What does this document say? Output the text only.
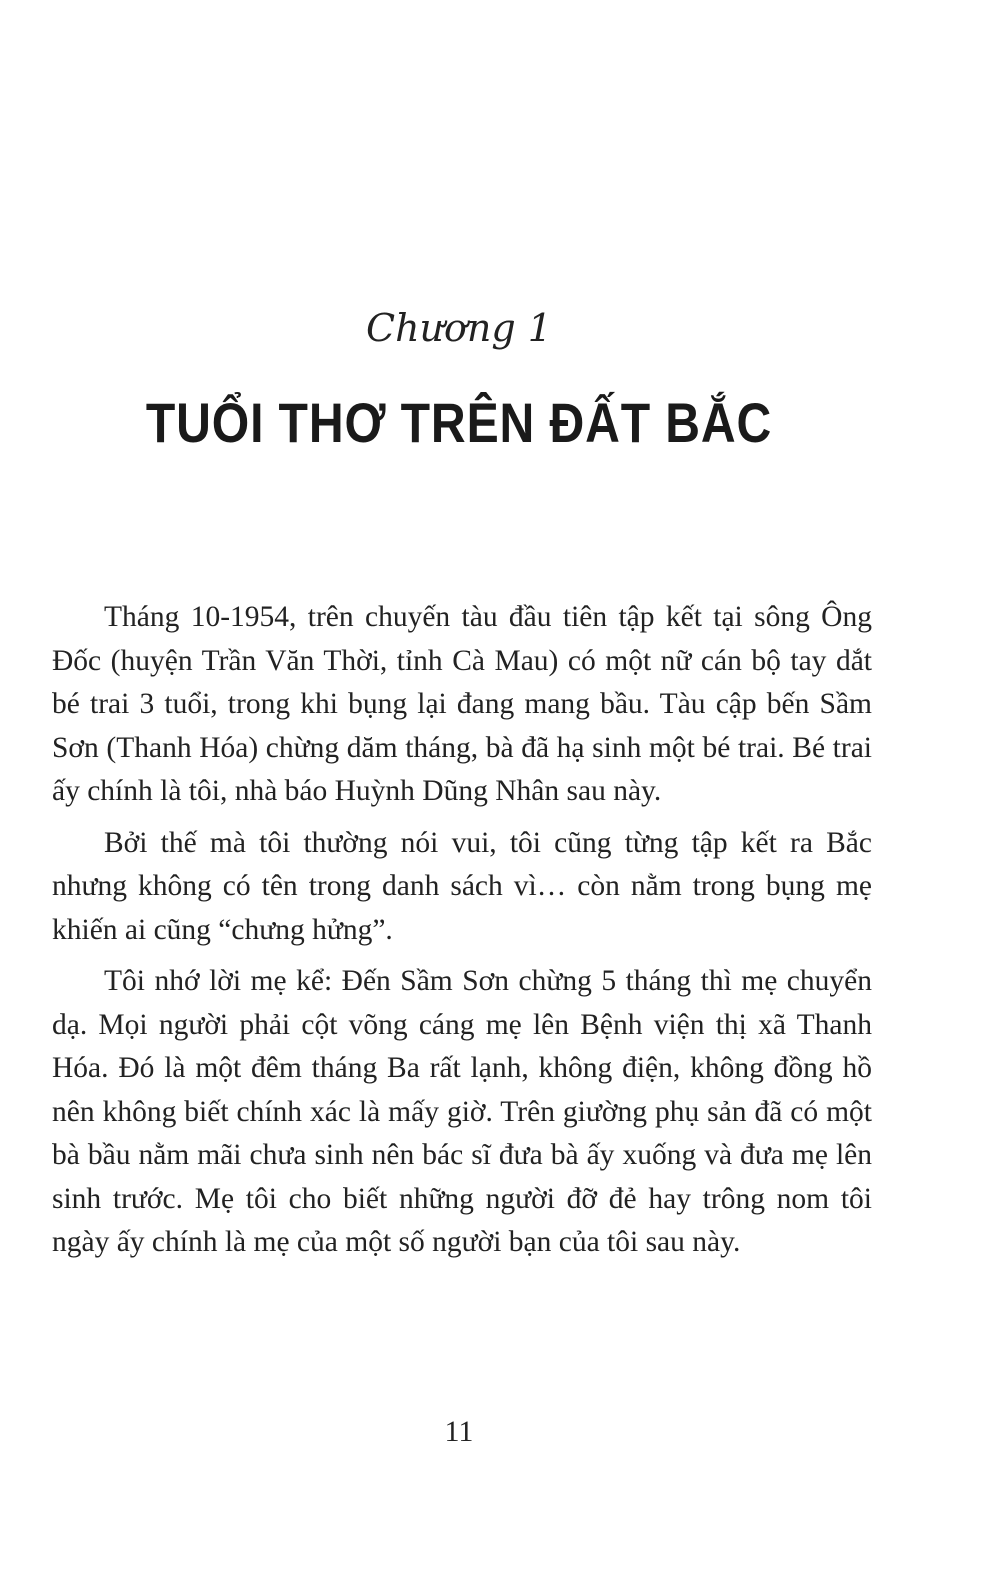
Chương 1
TUỔI THƠ TRÊN ĐẤT BẮC

Tháng 10-1954, trên chuyến tàu đầu tiên tập kết tại sông Ông Đốc (huyện Trần Văn Thời, tỉnh Cà Mau) có một nữ cán bộ tay dắt bé trai 3 tuổi, trong khi bụng lại đang mang bầu. Tàu cập bến Sầm Sơn (Thanh Hóa) chừng dăm tháng, bà đã hạ sinh một bé trai. Bé trai ấy chính là tôi, nhà báo Huỳnh Dũng Nhân sau này.

Bởi thế mà tôi thường nói vui, tôi cũng từng tập kết ra Bắc nhưng không có tên trong danh sách vì… còn nằm trong bụng mẹ khiến ai cũng “chưng hửng”.

Tôi nhớ lời mẹ kể: Đến Sầm Sơn chừng 5 tháng thì mẹ chuyển dạ. Mọi người phải cột võng cáng mẹ lên Bệnh viện thị xã Thanh Hóa. Đó là một đêm tháng Ba rất lạnh, không điện, không đồng hồ nên không biết chính xác là mấy giờ. Trên giường phụ sản đã có một bà bầu nằm mãi chưa sinh nên bác sĩ đưa bà ấy xuống và đưa mẹ lên sinh trước. Mẹ tôi cho biết những người đỡ đẻ hay trông nom tôi ngày ấy chính là mẹ của một số người bạn của tôi sau này.

11
